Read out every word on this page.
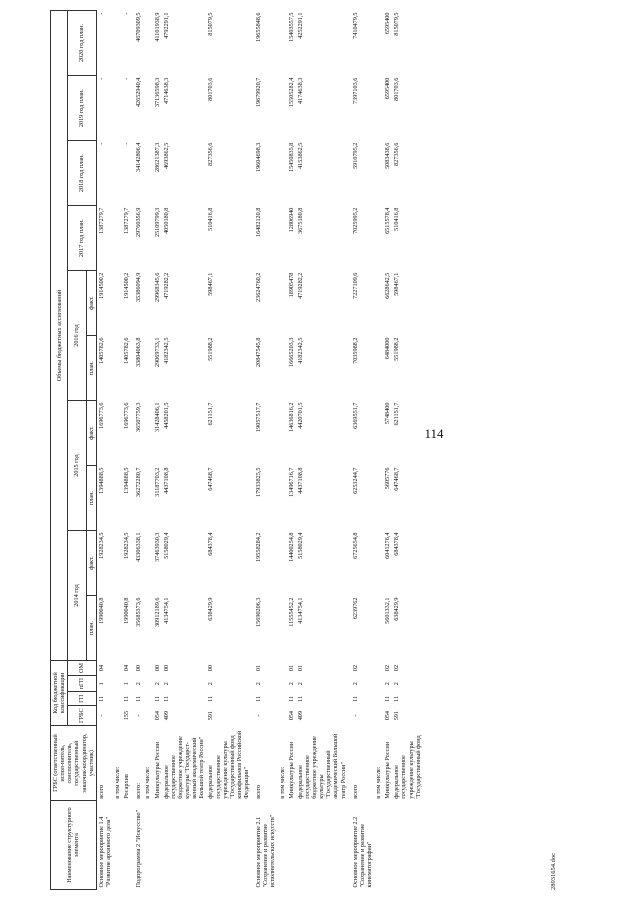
114
Наименование структурного элемента	ГРБС (ответственный испол-нитель, соисполнитель, государственный заказчик-координатор, участник)	Код бюджетной классификации				Объемы бюджетных ассигнований									
		ГРБС	ГП	пГП	ОМ	2014 год		2015 год		2016 год		2017 год план.	2018 год план.	2019 год план.	2020 год план.
						план.	факт.	план.	факт.	план.	факт.				
Основное мероприятие 1.4 "Развитие архивного дела"	всего	-	11	1	04	1990040,8	1928234,5	1394888,5	1696773,6	1405782,6	1914500,2	1387279,7	-	-	-
	в том числе:														
	Росархив	155	11	1	04	1990040,8	1928234,5	1394888,5	1696773,6	1405782,6	1914500,2	1387279,7	-	-	-
Подпрограмма 2 "Искусство"	всего:	-	11	2	00	35685373,6	43306338,1	36272280,7	36507759,3	33804063,8	35386094,9	29760356,9	34142806,4	42652940,4	46709309,5
	в том числе:														
	Минкультуры России	054	11	2	00	30912189,6	37463930,3	31187703,2	31428406,1	29069733,1	29968345,6	25109799,3	28621387,3	37136598,3	41101938,9
	федеральное государственное бюджетное учреждение культуры "Государст-венный академический Большой театр России"	409	11	2	00	4134754,1	5158029,4	4437108,8	4458201,5	4182342,5	4719282,2	4050180,8	4693862,5	4714638,3	4792291,1
	федеральное государственное учреждение культуры "Государственный фонд кинофильмов Российской Федерации"	591	11	2	00	638429,9	684378,4	647468,7	621151,7	551988,2	598467,1	510416,8	827356,6	801703,6	815079,5
Основное мероприятие 2.1 "Сохранение и развитие исполнительских искусств"	всего	-	11	2	01	15690206,3	19558284,2	17933825,5	19057517,7	20847545,8	23624760,2	16482120,8	19604698,3	19679920,7	19655848,6
	в том числе:														
	Минкультуры России	054	11	2	01	11555452,2	14400254,8	13496716,7	14636816,2	16665203,3	18905478	12806940	15450835,8	15505282,4	15403557,5
	федеральное государственное бюджетное учреждение культуры "Государственный академический Большой театр России"	409	11	2	01	4134754,1	5158029,4	4437108,8	4420701,5	4182342,5	4719282,2	3675180,8	4153862,5	4174638,3	4252291,1
Основное мероприятие 2.2 "Сохранение и развитие кинематографии"	всего	-	11	2	02	6239762	6725654,8	6253244,7	6369551,7	7035988,2	7227109,6	7025995,2	5910795,2	7397103,6	7410479,5
	в том числе:														
	Минкультуры России	054	11	2	02	5601332,1	6041276,4	5605776	5748400	6484000	6628642,5	6515578,4	5083438,6	6595400	6595400
	федеральное государственное учреждение культуры "Государственный фонд	591	11	2	02	638429,9	684378,4	647468,7	621151,7	551988,2	598467,1	510416,8	827356,6	801703,6	815079,5
28031654.doc
